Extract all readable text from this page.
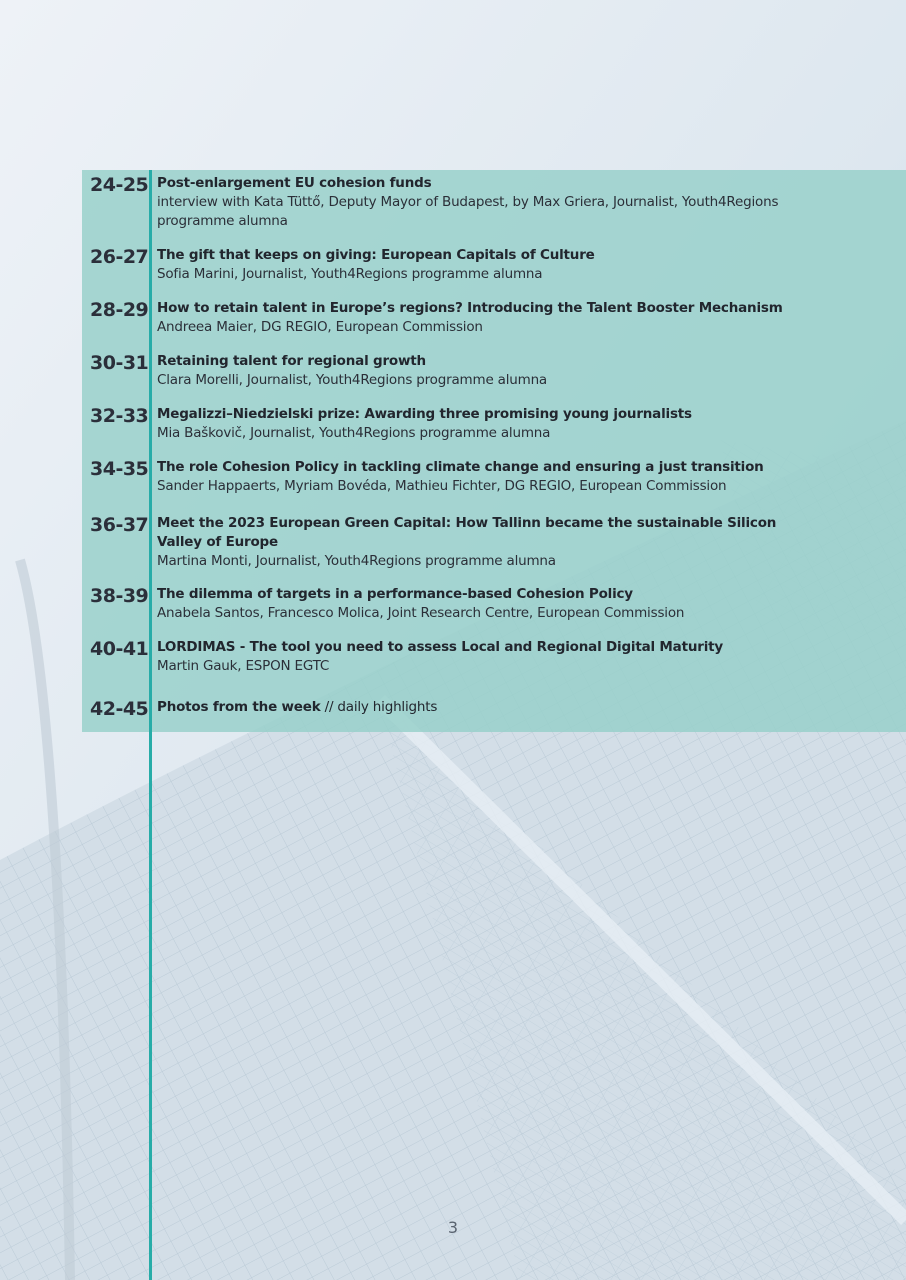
24-25 Post-enlargement EU cohesion funds
interview with Kata Tüttő, Deputy Mayor of Budapest, by Max Griera, Journalist, Youth4Regions programme alumna
26-27 The gift that keeps on giving: European Capitals of Culture
Sofia Marini, Journalist, Youth4Regions programme alumna
28-29 How to retain talent in Europe’s regions? Introducing the Talent Booster Mechanism
Andreea Maier, DG REGIO, European Commission
30-31 Retaining talent for regional growth
Clara Morelli, Journalist, Youth4Regions programme alumna
32-33 Megalizzi–Niedzielski prize: Awarding three promising young journalists
Mia Baškovič, Journalist, Youth4Regions programme alumna
34-35 The role Cohesion Policy in tackling climate change and ensuring a just transition
Sander Happaerts, Myriam Bovéda, Mathieu Fichter, DG REGIO, European Commission
36-37 Meet the 2023 European Green Capital: How Tallinn became the sustainable Silicon Valley of Europe
Martina Monti, Journalist, Youth4Regions programme alumna
38-39 The dilemma of targets in a performance-based Cohesion Policy
Anabela Santos, Francesco Molica, Joint Research Centre, European Commission
40-41 LORDIMAS - The tool you need to assess Local and Regional Digital Maturity
Martin Gauk, ESPON EGTC
42-45 Photos from the week // daily highlights
3
